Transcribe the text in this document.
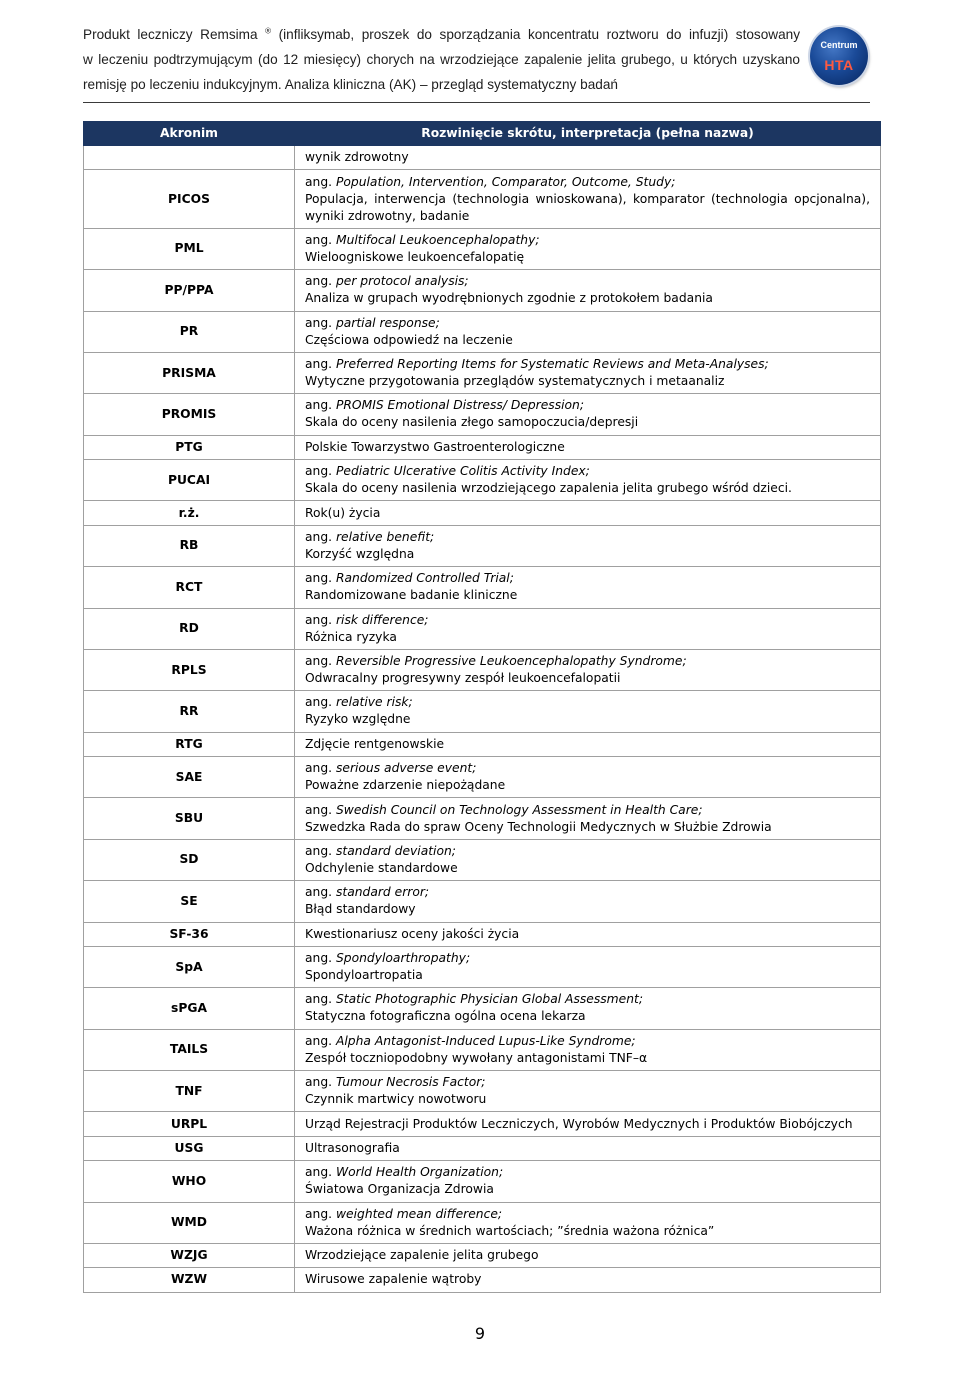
Produkt leczniczy Remsima ® (infliksymab, proszek do sporządzania koncentratu roztworu do infuzji) stosowany
w leczeniu podtrzymującym (do 12 miesięcy) chorych na wrzodziejące zapalenie jelita grubego, u których uzyskano
remisję po leczeniu indukcyjnym. Analiza kliniczna (AK) – przegląd systematyczny badań
Centrum
HTA
Akronim	Rozwinięcie skrótu, interpretacja (pełna nazwa)

	wynik zdrowotny

PICOS	ang. Population, Intervention, Comparator, Outcome, Study;
Populacja, interwencja (technologia wnioskowana), komparator (technologia opcjonalna), wyniki zdrowotny, badanie

PML	ang. Multifocal Leukoencephalopathy;
Wieloogniskowe leukoencefalopatię

PP/PPA	ang. per protocol analysis;
Analiza w grupach wyodrębnionych zgodnie z protokołem badania

PR	ang. partial response;
Częściowa odpowiedź na leczenie

PRISMA	ang. Preferred Reporting Items for Systematic Reviews and Meta-Analyses;
Wytyczne przygotowania przeglądów systematycznych i metaanaliz

PROMIS	ang. PROMIS Emotional Distress/ Depression;
Skala do oceny nasilenia złego samopoczucia/depresji

PTG	Polskie Towarzystwo Gastroenterologiczne

PUCAI	ang. Pediatric Ulcerative Colitis Activity Index;
Skala do oceny nasilenia wrzodziejącego zapalenia jelita grubego wśród dzieci.

r.ż.	Rok(u) życia

RB	ang. relative benefit;
Korzyść względna

RCT	ang. Randomized Controlled Trial;
Randomizowane badanie kliniczne

RD	ang. risk difference;
Różnica ryzyka

RPLS	ang. Reversible Progressive Leukoencephalopathy Syndrome;
Odwracalny progresywny zespół leukoencefalopatii

RR	ang. relative risk;
Ryzyko względne

RTG	Zdjęcie rentgenowskie

SAE	ang. serious adverse event;
Poważne zdarzenie niepożądane

SBU	ang. Swedish Council on Technology Assessment in Health Care;
Szwedzka Rada do spraw Oceny Technologii Medycznych w Służbie Zdrowia

SD	ang. standard deviation;
Odchylenie standardowe

SE	ang. standard error;
Błąd standardowy

SF-36	Kwestionariusz oceny jakości życia

SpA	ang. Spondyloarthropathy;
Spondyloartropatia

sPGA	ang. Static Photographic Physician Global Assessment;
Statyczna fotograficzna ogólna ocena lekarza

TAILS	ang. Alpha Antagonist-Induced Lupus-Like Syndrome;
Zespół toczniopodobny wywołany antagonistami TNF–α

TNF	ang. Tumour Necrosis Factor;
Czynnik martwicy nowotworu

URPL	Urząd Rejestracji Produktów Leczniczych, Wyrobów Medycznych i Produktów Biobójczych

USG	Ultrasonografia

WHO	ang. World Health Organization;
Światowa Organizacja Zdrowia

WMD	ang. weighted mean difference;
Ważona różnica w średnich wartościach; ”średnia ważona różnica”

WZJG	Wrzodziejące zapalenie jelita grubego

WZW	Wirusowe zapalenie wątroby
9
